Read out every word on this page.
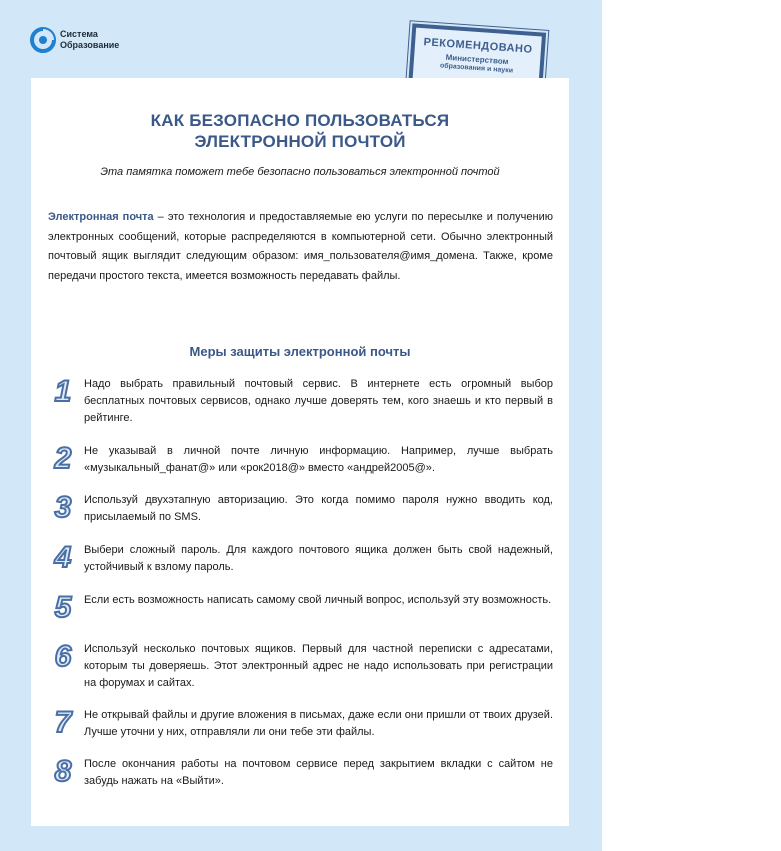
Система
Образование	РЕКОМЕНДОВАНО
Министерством
образования и науки
КАК БЕЗОПАСНО ПОЛЬЗОВАТЬСЯ
ЭЛЕКТРОННОЙ ПОЧТОЙ
Эта памятка поможет тебе безопасно пользоваться электронной почтой
Электронная почта – это технология и предоставляемые ею услуги по пересылке и получению электронных сообщений, которые распределяются в компьютерной сети. Обычно электронный почтовый ящик выглядит следующим образом: имя_пользователя@имя_домена. Также, кроме передачи простого текста, имеется возможность передавать файлы.
Меры защиты электронной почты
1	Надо выбрать правильный почтовый сервис. В интернете есть огромный выбор бесплатных почтовых сервисов, однако лучше доверять тем, кого знаешь и кто первый в рейтинге.
2	Не указывай в личной почте личную информацию. Например, лучше выбрать «музыкальный_фанат@» или «рок2018@» вместо «андрей2005@».
3	Используй двухэтапную авторизацию. Это когда помимо пароля нужно вводить код, присылаемый по SMS.
4	Выбери сложный пароль. Для каждого почтового ящика должен быть свой надежный, устойчивый к взлому пароль.
5	Если есть возможность написать самому свой личный вопрос, используй эту возможность.
6	Используй несколько почтовых ящиков. Первый для частной переписки с адресатами, которым ты доверяешь. Этот электронный адрес не надо использовать при регистрации на форумах и сайтах.
7	Не открывай файлы и другие вложения в письмах, даже если они пришли от твоих друзей. Лучше уточни у них, отправляли ли они тебе эти файлы.
8	После окончания работы на почтовом сервисе перед закрытием вкладки с сайтом не забудь нажать на «Выйти».
